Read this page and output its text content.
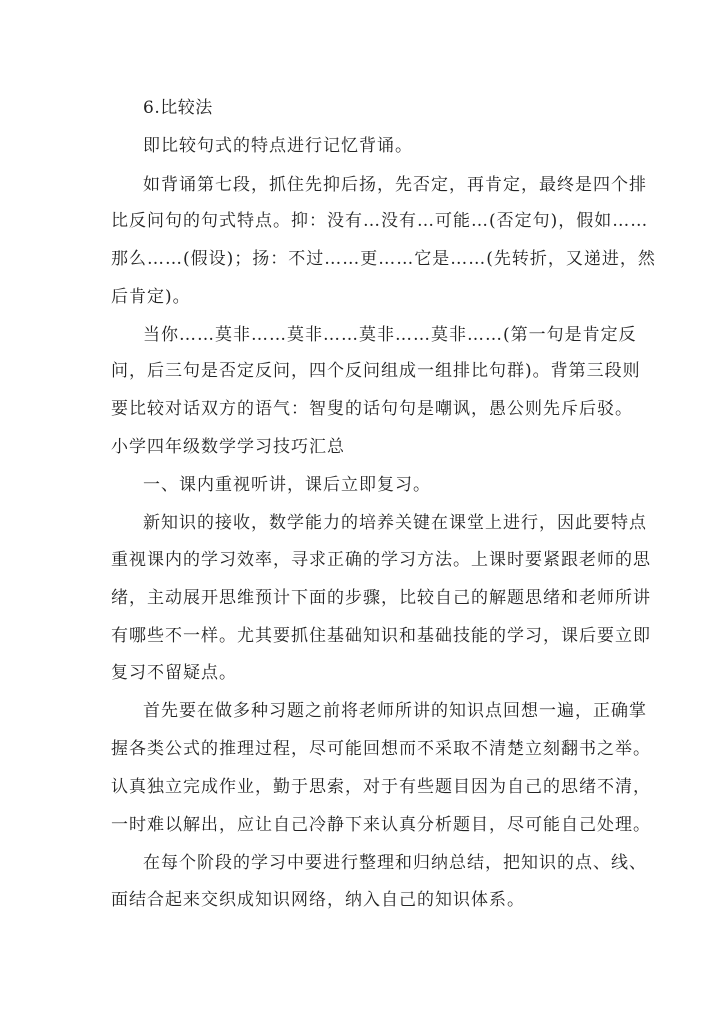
6.比较法
即比较句式的特点进行记忆背诵。
如背诵第七段，抓住先抑后扬，先否定，再肯定，最终是四个排
比反问句的句式特点。抑：没有…没有…可能…(否定句)，假如……
那么……(假设)；扬：不过……更……它是……(先转折，又递进，然
后肯定)。
当你……莫非……莫非……莫非……莫非……(第一句是肯定反
问，后三句是否定反问，四个反问组成一组排比句群)。背第三段则
要比较对话双方的语气：智叟的话句句是嘲讽，愚公则先斥后驳。
小学四年级数学学习技巧汇总
一、课内重视听讲，课后立即复习。
新知识的接收，数学能力的培养关键在课堂上进行，因此要特点
重视课内的学习效率，寻求正确的学习方法。上课时要紧跟老师的思
绪，主动展开思维预计下面的步骤，比较自己的解题思绪和老师所讲
有哪些不一样。尤其要抓住基础知识和基础技能的学习，课后要立即
复习不留疑点。
首先要在做多种习题之前将老师所讲的知识点回想一遍，正确掌
握各类公式的推理过程，尽可能回想而不采取不清楚立刻翻书之举。
认真独立完成作业，勤于思索，对于有些题目因为自己的思绪不清，
一时难以解出，应让自己冷静下来认真分析题目，尽可能自己处理。
在每个阶段的学习中要进行整理和归纳总结，把知识的点、线、
面结合起来交织成知识网络，纳入自己的知识体系。
